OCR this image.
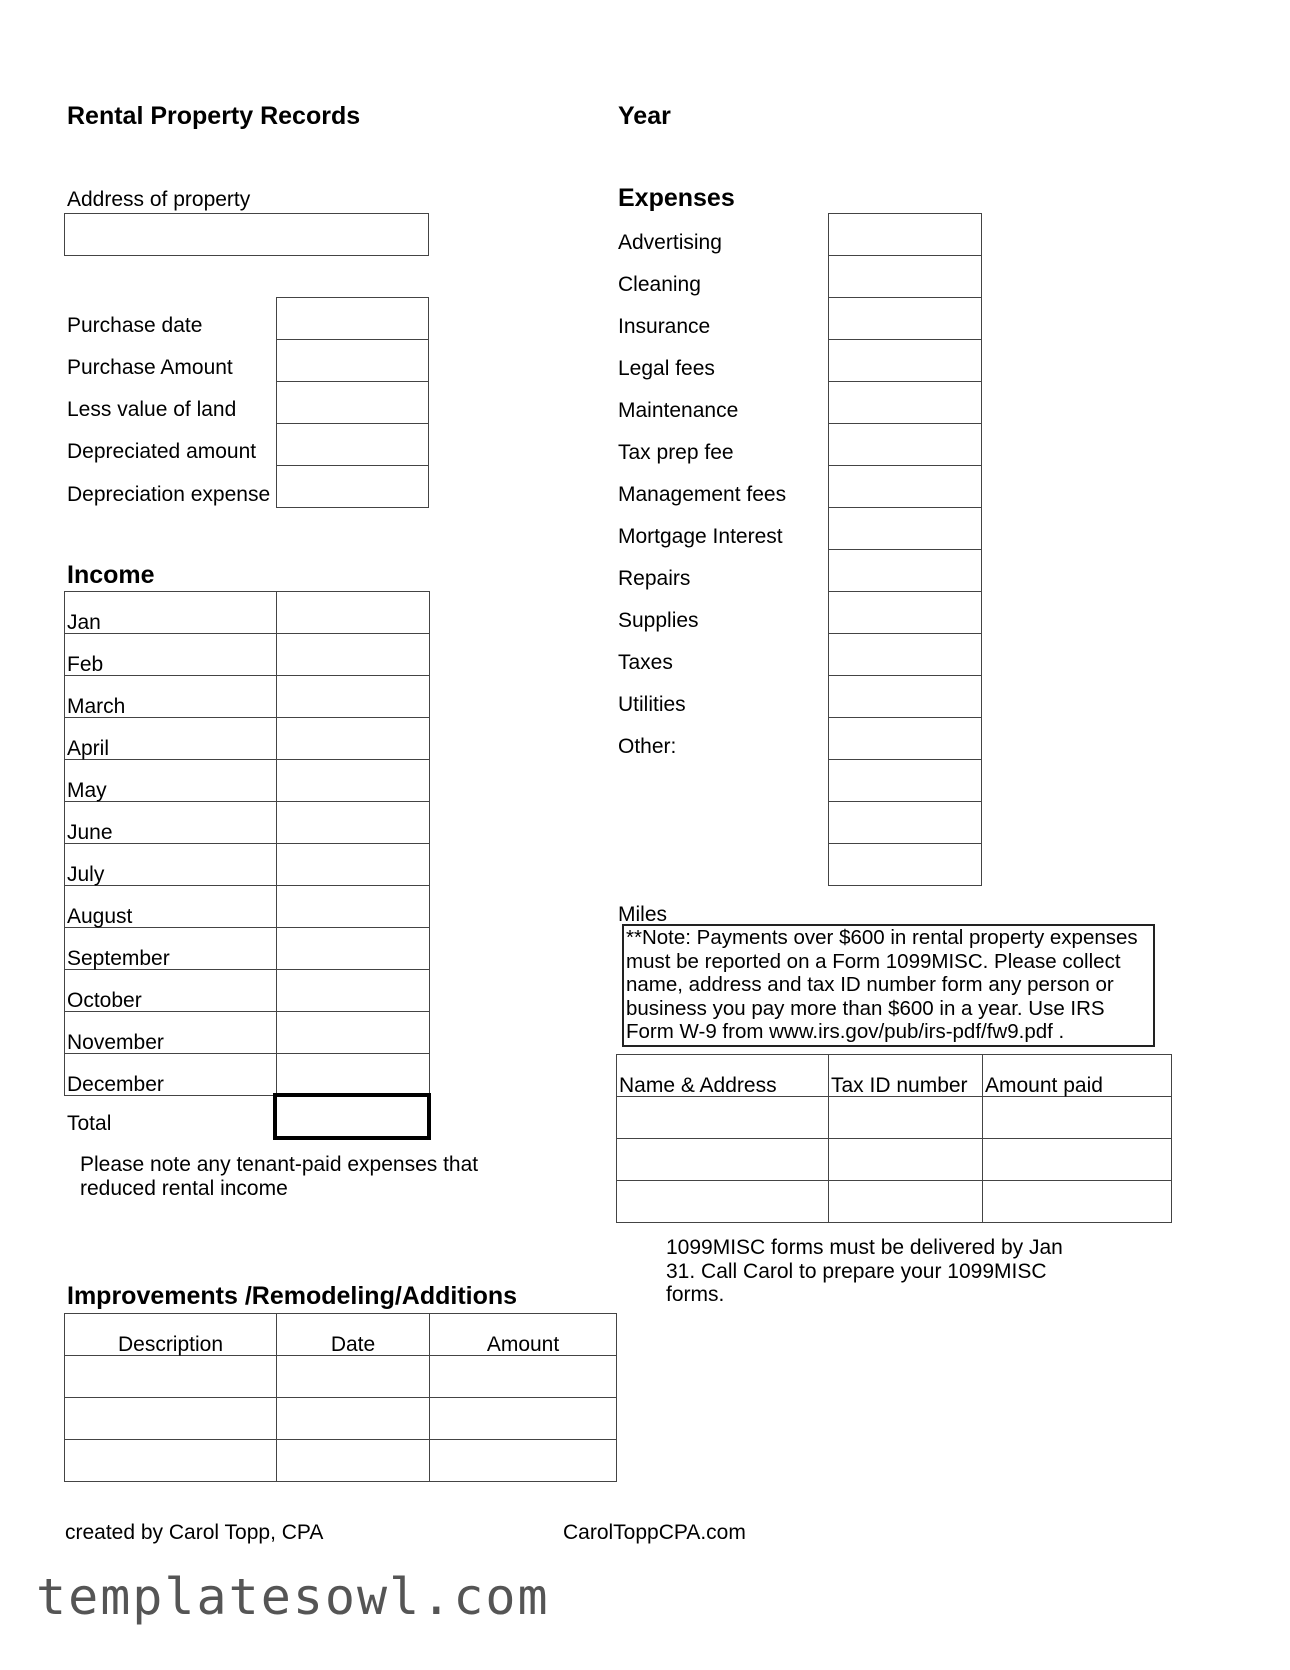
Rental Property Records	Year
Address of property
Purchase date
Purchase Amount
Less value of land
Depreciated amount
Depreciation expense
Income
Jan	
Feb	
March	
April	
May	
June	
July	
August	
September	
October	
November	
December	
Total
Please note any tenant-paid expenses that reduced rental income
Expenses
Advertising
Cleaning
Insurance
Legal fees
Maintenance
Tax prep fee
Management fees
Mortgage Interest
Repairs
Supplies
Taxes
Utilities
Other:
Miles
**Note: Payments over $600 in rental property expenses must be reported on a Form 1099MISC. Please collect name, address and tax ID number form any person or business you pay more than $600 in a year. Use IRS Form W-9 from www.irs.gov/pub/irs-pdf/fw9.pdf .
Name & Address	Tax ID number	Amount paid

1099MISC forms must be delivered by Jan 31. Call Carol to prepare your 1099MISC forms.
Improvements /Remodeling/Additions
Description	Date	Amount

created by Carol Topp, CPA	CarolToppCPA.com
templatesowl.com
